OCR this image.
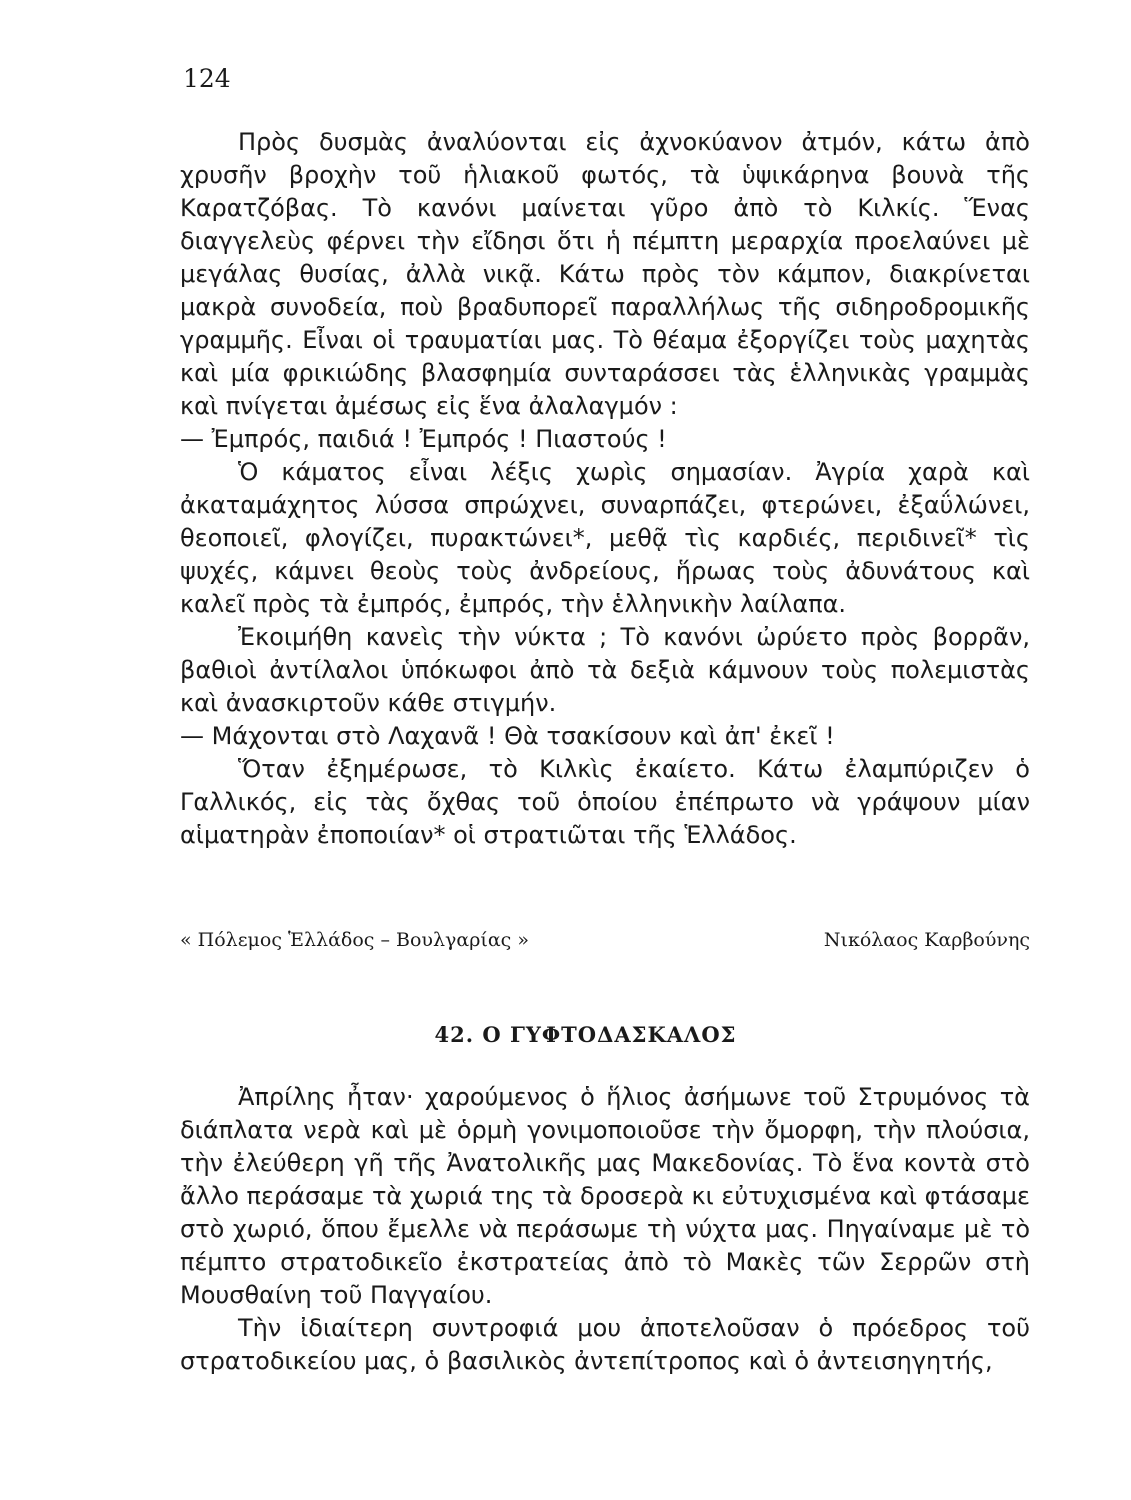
124

Πρὸς δυσμὰς ἀναλύονται εἰς ἀχνοκύανον ἀτμόν, κάτω ἀπὸ χρυσῆν βροχὴν τοῦ ἡλιακοῦ φωτός, τὰ ὑψικάρηνα βουνὰ τῆς Καρατζόβας. Τὸ κανόνι μαίνεται γῦρο ἀπὸ τὸ Κιλκίς. Ἕνας διαγγελεὺς φέρνει τὴν εἴδησι ὅτι ἡ πέμπτη μεραρχία προελαύνει μὲ μεγάλας θυσίας, ἀλλὰ νικᾷ. Κάτω πρὸς τὸν κάμπον, διακρίνεται μακρὰ συνοδεία, ποὺ βραδυπορεῖ παραλλήλως τῆς σιδηροδρομικῆς γραμμῆς. Εἶναι οἱ τραυματίαι μας. Τὸ θέαμα ἐξοργίζει τοὺς μαχητὰς καὶ μία φρικιώδης βλασφημία συνταράσσει τὰς ἑλληνικὰς γραμμὰς καὶ πνίγεται ἀμέσως εἰς ἕνα ἀλαλαγμόν :

— Ἐμπρός, παιδιά ! Ἐμπρός ! Πιαστούς !

Ὁ κάματος εἶναι λέξις χωρὶς σημασίαν. Ἀγρία χαρὰ καὶ ἀκαταμάχητος λύσσα σπρώχνει, συναρπάζει, φτερώνει, ἐξαΰλώνει, θεοποιεῖ, φλογίζει, πυρακτώνει*, μεθᾷ τὶς καρδιές, περιδινεῖ* τὶς ψυχές, κάμνει θεοὺς τοὺς ἀνδρείους, ἥρωας τοὺς ἀδυνάτους καὶ καλεῖ πρὸς τὰ ἐμπρός, ἐμπρός, τὴν ἑλληνικὴν λαίλαπα.

Ἐκοιμήθη κανεὶς τὴν νύκτα ; Τὸ κανόνι ὠρύετο πρὸς βορρᾶν, βαθιοὶ ἀντίλαλοι ὑπόκωφοι ἀπὸ τὰ δεξιὰ κάμνουν τοὺς πολεμιστὰς καὶ ἀνασκιρτοῦν κάθε στιγμήν.

— Μάχονται στὸ Λαχανᾶ ! Θὰ τσακίσουν καὶ ἀπ' ἐκεῖ !

Ὅταν ἐξημέρωσε, τὸ Κιλκὶς ἐκαίετο. Κάτω ἐλαμπύριζεν ὁ Γαλλικός, εἰς τὰς ὄχθας τοῦ ὁποίου ἐπέπρωτο νὰ γράψουν μίαν αἱματηρὰν ἐποποιίαν* οἱ στρατιῶται τῆς Ἑλλάδος.

« Πόλεμος Ἑλλάδος – Βουλγαρίας »	Νικόλαος Καρβούνης
42. Ο ΓΥΦΤΟΔΑΣΚΑΛΟΣ

Ἀπρίλης ἦταν· χαρούμενος ὁ ἥλιος ἀσήμωνε τοῦ Στρυμόνος τὰ διάπλατα νερὰ καὶ μὲ ὁρμὴ γονιμοποιοῦσε τὴν ὄμορφη, τὴν πλούσια, τὴν ἐλεύθερη γῆ τῆς Ἀνατολικῆς μας Μακεδονίας. Τὸ ἕνα κοντὰ στὸ ἄλλο περάσαμε τὰ χωριά της τὰ δροσερὰ κι εὐτυχισμένα καὶ φτάσαμε στὸ χωριό, ὅπου ἔμελλε νὰ περάσωμε τὴ νύχτα μας. Πηγαίναμε μὲ τὸ πέμπτο στρατοδικεῖο ἐκστρατείας ἀπὸ τὸ Μακὲς τῶν Σερρῶν στὴ Μουσθαίνη τοῦ Παγγαίου.

Τὴν ἰδιαίτερη συντροφιά μου ἀποτελοῦσαν ὁ πρόεδρος τοῦ στρατοδικείου μας, ὁ βασιλικὸς ἀντεπίτροπος καὶ ὁ ἀντεισηγητής,
